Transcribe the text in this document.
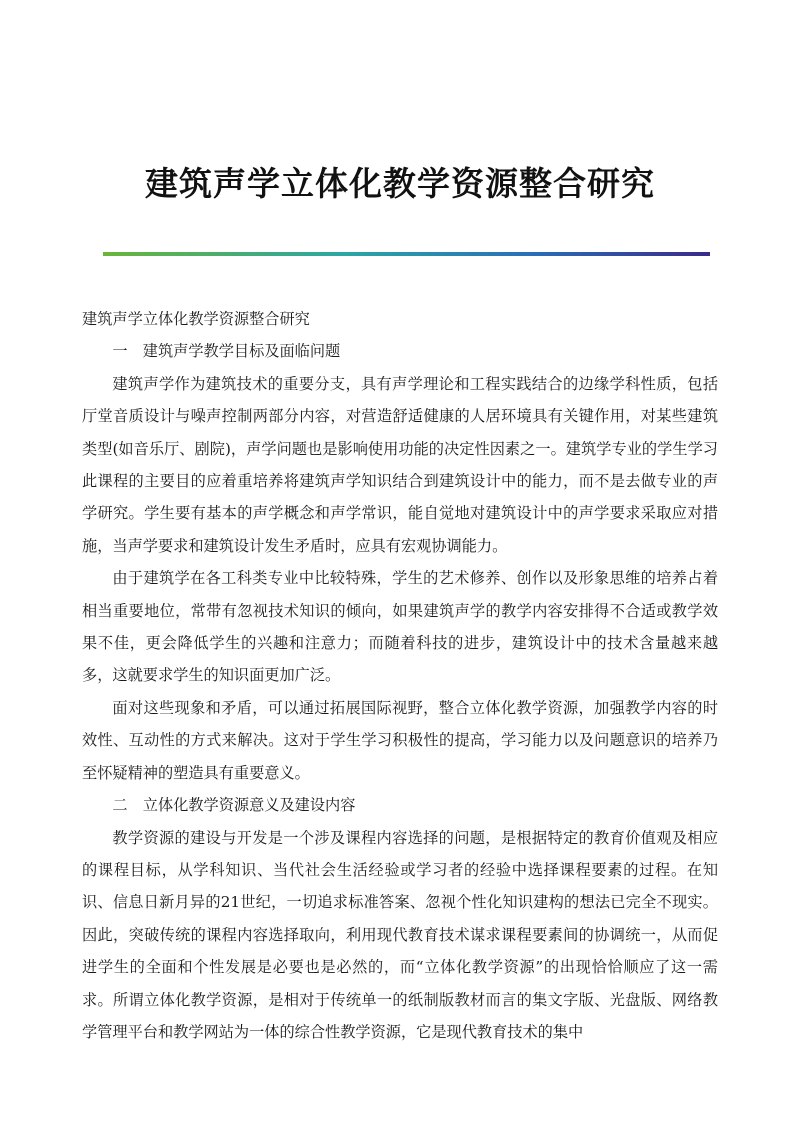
建筑声学立体化教学资源整合研究

建筑声学立体化教学资源整合研究

一　建筑声学教学目标及面临问题

建筑声学作为建筑技术的重要分支，具有声学理论和工程实践结合的边缘学科性质，包括厅堂音质设计与噪声控制两部分内容，对营造舒适健康的人居环境具有关键作用，对某些建筑类型(如音乐厅、剧院)，声学问题也是影响使用功能的决定性因素之一。建筑学专业的学生学习此课程的主要目的应着重培养将建筑声学知识结合到建筑设计中的能力，而不是去做专业的声学研究。学生要有基本的声学概念和声学常识，能自觉地对建筑设计中的声学要求采取应对措施，当声学要求和建筑设计发生矛盾时，应具有宏观协调能力。

由于建筑学在各工科类专业中比较特殊，学生的艺术修养、创作以及形象思维的培养占着相当重要地位，常带有忽视技术知识的倾向，如果建筑声学的教学内容安排得不合适或教学效果不佳，更会降低学生的兴趣和注意力；而随着科技的进步，建筑设计中的技术含量越来越多，这就要求学生的知识面更加广泛。

面对这些现象和矛盾，可以通过拓展国际视野，整合立体化教学资源，加强教学内容的时效性、互动性的方式来解决。这对于学生学习积极性的提高，学习能力以及问题意识的培养乃至怀疑精神的塑造具有重要意义。

二　立体化教学资源意义及建设内容

教学资源的建设与开发是一个涉及课程内容选择的问题，是根据特定的教育价值观及相应的课程目标，从学科知识、当代社会生活经验或学习者的经验中选择课程要素的过程。在知识、信息日新月异的21世纪，一切追求标准答案、忽视个性化知识建构的想法已完全不现实。因此，突破传统的课程内容选择取向，利用现代教育技术谋求课程要素间的协调统一，从而促进学生的全面和个性发展是必要也是必然的，而“立体化教学资源”的出现恰恰顺应了这一需求。所谓立体化教学资源，是相对于传统单一的纸制版教材而言的集文字版、光盘版、网络教学管理平台和教学网站为一体的综合性教学资源，它是现代教育技术的集中
